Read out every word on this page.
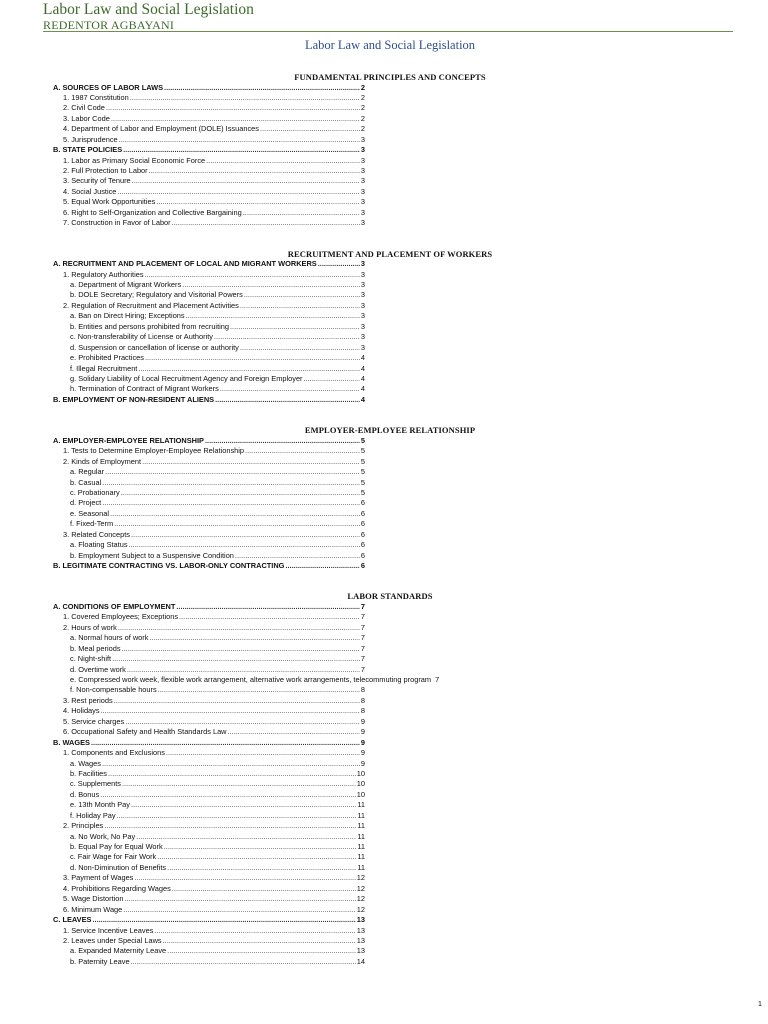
Labor Law and Social Legislation
REDENTOR AGBAYANI
Labor Law and Social Legislation
FUNDAMENTAL PRINCIPLES AND CONCEPTS
A. SOURCES OF LABOR LAWS .....	2
1. 1987 Constitution .....	2
2. Civil Code .....	2
3. Labor Code .....	2
4. Department of Labor and Employment (DOLE) Issuances .....	2
5. Jurisprudence .....	3
B. STATE POLICIES .....	3
1. Labor as Primary Social Economic Force .....	3
2. Full Protection to Labor .....	3
3. Security of Tenure .....	3
4. Social Justice .....	3
5. Equal Work Opportunities .....	3
6. Right to Self-Organization and Collective Bargaining .....	3
7. Construction in Favor of Labor .....	3
RECRUITMENT AND PLACEMENT OF WORKERS
A. RECRUITMENT AND PLACEMENT OF LOCAL AND MIGRANT WORKERS .....	3
1. Regulatory Authorities .....	3
a. Department of Migrant Workers .....	3
b. DOLE Secretary; Regulatory and Visitorial Powers .....	3
2. Regulation of Recruitment and Placement Activities .....	3
a. Ban on Direct Hiring; Exceptions .....	3
b. Entities and persons prohibited from recruiting .....	3
c. Non-transferability of License or Authority .....	3
d. Suspension or cancellation of license or authority .....	3
e. Prohibited Practices .....	4
f. Illegal Recruitment .....	4
g. Solidary Liability of Local Recruitment Agency and Foreign Employer .....	4
h. Termination of Contract of Migrant Workers .....	4
B. EMPLOYMENT OF NON-RESIDENT ALIENS .....	4
EMPLOYER-EMPLOYEE RELATIONSHIP
A. EMPLOYER-EMPLOYEE RELATIONSHIP .....	5
1. Tests to Determine Employer-Employee Relationship .....	5
2. Kinds of Employment .....	5
a. Regular .....	5
b. Casual .....	5
c. Probationary .....	5
d. Project .....	6
e. Seasonal .....	6
f. Fixed-Term .....	6
3. Related Concepts .....	6
a. Floating Status .....	6
b. Employment Subject to a Suspensive Condition .....	6
B. LEGITIMATE CONTRACTING VS. LABOR-ONLY CONTRACTING .....	6
LABOR STANDARDS
A. CONDITIONS OF EMPLOYMENT .....	7
1. Covered Employees; Exceptions .....	7
2. Hours of work .....	7
a. Normal hours of work .....	7
b. Meal periods .....	7
c. Night-shift .....	7
d. Overtime work .....	7
e. Compressed work week, flexible work arrangement, alternative work arrangements, telecommuting program 7
f. Non-compensable hours .....	8
3. Rest periods .....	8
4. Holidays .....	8
5. Service charges .....	9
6. Occupational Safety and Health Standards Law .....	9
B. WAGES .....	9
1. Components and Exclusions .....	9
a. Wages .....	9
b. Facilities .....	10
c. Supplements .....	10
d. Bonus .....	10
e. 13th Month Pay .....	11
f. Holiday Pay .....	11
2. Principles .....	11
a. No Work, No Pay .....	11
b. Equal Pay for Equal Work .....	11
c. Fair Wage for Fair Work .....	11
d. Non-Diminution of Benefits .....	11
3. Payment of Wages .....	12
4. Prohibitions Regarding Wages .....	12
5. Wage Distortion .....	12
6. Minimum Wage .....	12
C. LEAVES .....	13
1. Service Incentive Leaves .....	13
2. Leaves under Special Laws .....	13
a. Expanded Maternity Leave .....	13
b. Paternity Leave .....	14
1
